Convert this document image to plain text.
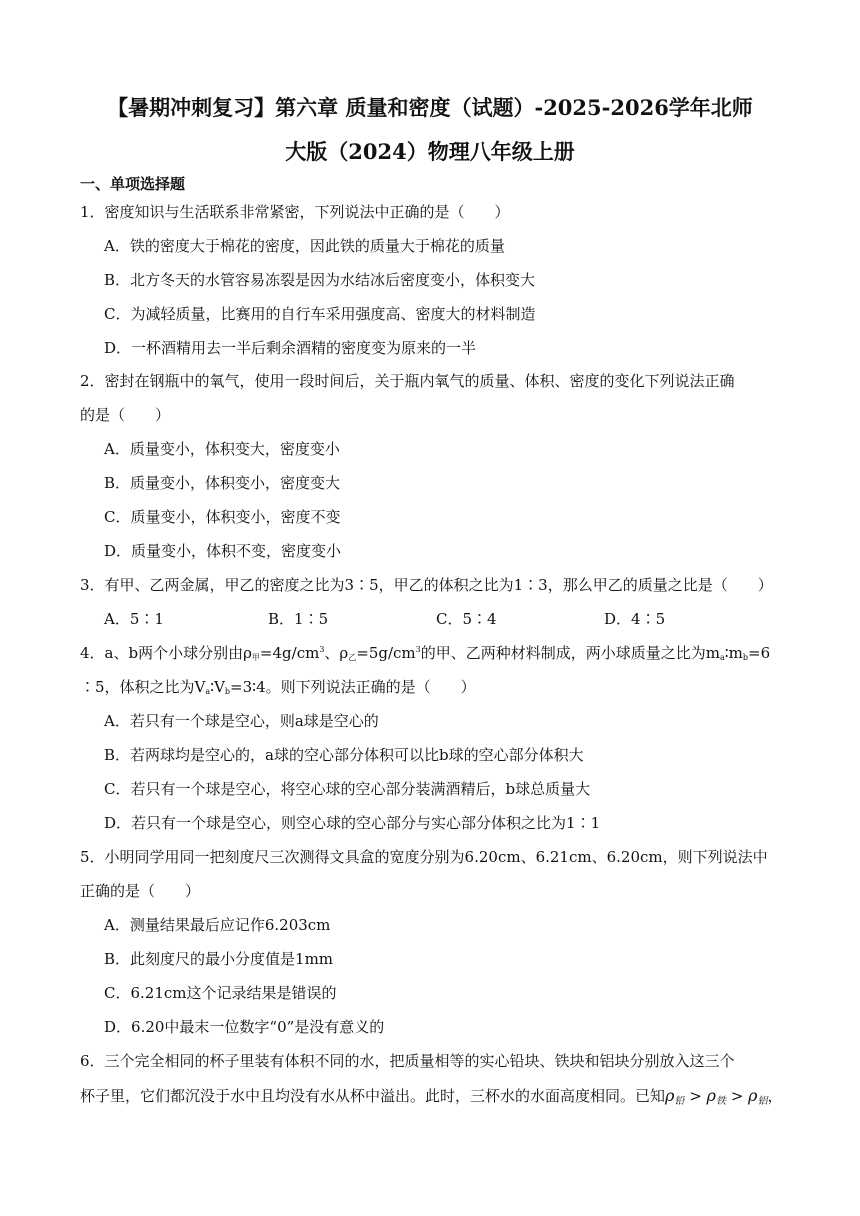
【暑期冲刺复习】第六章 质量和密度（试题）-2025-2026学年北师
大版（2024）物理八年级上册
一、单项选择题
1．密度知识与生活联系非常紧密，下列说法中正确的是（　　）
A．铁的密度大于棉花的密度，因此铁的质量大于棉花的质量
B．北方冬天的水管容易冻裂是因为水结冰后密度变小，体积变大
C．为减轻质量，比赛用的自行车采用强度高、密度大的材料制造
D．一杯酒精用去一半后剩余酒精的密度变为原来的一半
2．密封在钢瓶中的氧气，使用一段时间后，关于瓶内氧气的质量、体积、密度的变化下列说法正确
的是（　　）
A．质量变小，体积变大，密度变小
B．质量变小，体积变小，密度变大
C．质量变小，体积变小，密度不变
D．质量变小，体积不变，密度变小
3．有甲、乙两金属，甲乙的密度之比为3∶5，甲乙的体积之比为1∶3，那么甲乙的质量之比是（　　）
A．5∶1	B．1∶5	C．5∶4	D．4∶5
4．a、b两个小球分别由$\rho_甲=4g/cm^3$、$\rho_乙=5g/cm^3$的甲、乙两种材料制成，两小球质量之比为$m_a∶m_b=6$
∶5，体积之比为$V_a∶V_b=3∶4$。则下列说法正确的是（　　）
A．若只有一个球是空心，则a球是空心的
B．若两球均是空心的，a球的空心部分体积可以比b球的空心部分体积大
C．若只有一个球是空心，将空心球的空心部分装满酒精后，b球总质量大
D．若只有一个球是空心，则空心球的空心部分与实心部分体积之比为1∶1
5．小明同学用同一把刻度尺三次测得文具盒的宽度分别为6.20cm、6.21cm、6.20cm，则下列说法中
正确的是（　　）
A．测量结果最后应记作6.203cm
B．此刻度尺的最小分度值是1mm
C．6.21cm这个记录结果是错误的
D．6.20中最末一位数字“0”是没有意义的
6．三个完全相同的杯子里装有体积不同的水，把质量相等的实心铅块、铁块和铝块分别放入这三个
杯子里，它们都沉没于水中且均没有水从杯中溢出。此时，三杯水的水面高度相同。已知$\rho_铅 > \rho_铁 > \rho_铝$，
